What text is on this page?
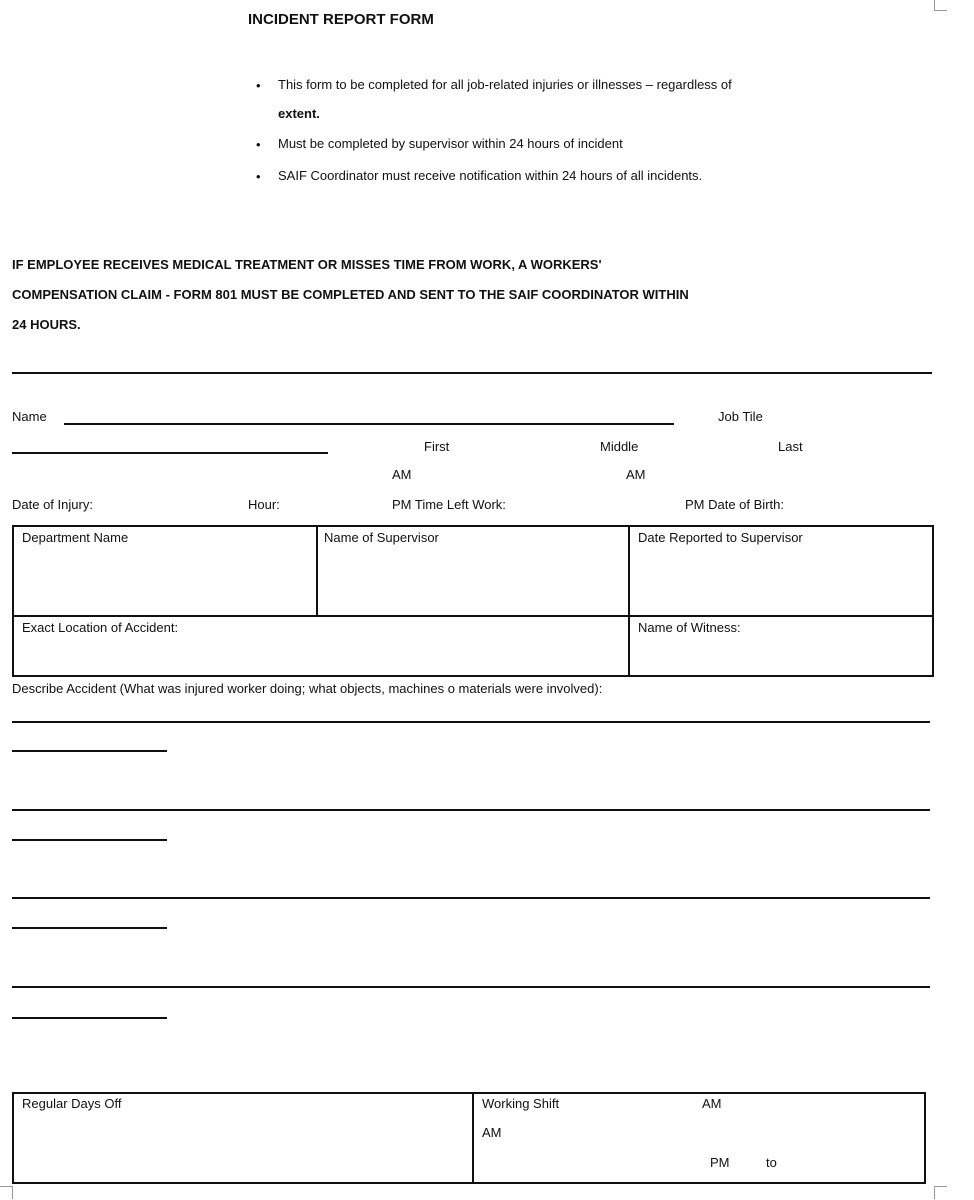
INCIDENT REPORT FORM
• This form to be completed for all job-related injuries or illnesses – regardless of
extent.
• Must be completed by supervisor within 24 hours of incident
• SAIF Coordinator must receive notification within 24 hours of all incidents.
IF EMPLOYEE RECEIVES MEDICAL TREATMENT OR MISSES TIME FROM WORK, A WORKERS'
COMPENSATION CLAIM - FORM 801 MUST BE COMPLETED AND SENT TO THE SAIF COORDINATOR WITHIN
24 HOURS.
Name	Job Tile
First	Middle	Last
AM	AM
Date of Injury:	Hour:	PM Time Left Work:	PM Date of Birth:
Department Name	Name of Supervisor	Date Reported to Supervisor
Exact Location of Accident:	Name of Witness:
Describe Accident (What was injured worker doing; what objects, machines o materials were involved):
Regular Days Off	Working Shift	AM
AM
PM	to
